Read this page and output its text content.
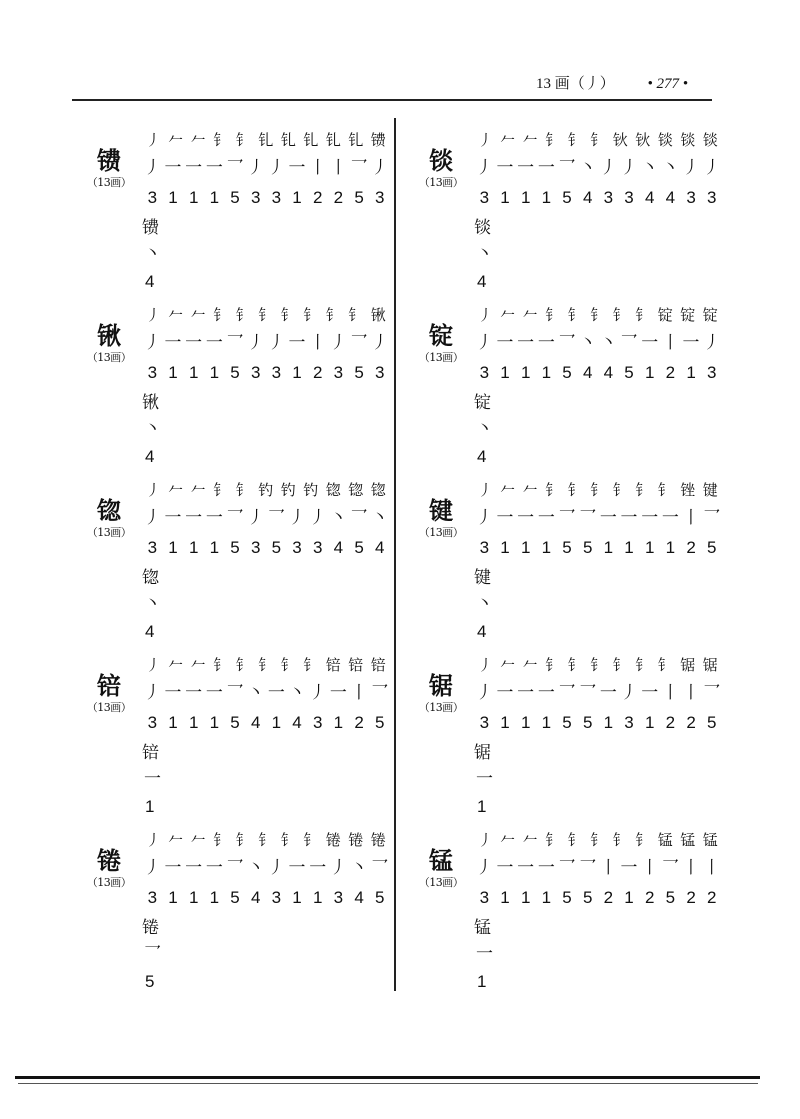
13 画（丿） • 277 •
镄
（13画）
丿 𠂉 𠂉 钅 钅 钆 钆 钆 钆 钆 镄
丿 一 一 一 乛 丿 丿 一 丨 丨 乛 丿
3 1 1 1 5 3 3 1 2 2 5 3
镄
丶
4
锹
（13画）
丿 𠂉 𠂉 钅 钅 钅 钅 钅 钅 钅 锹
丿 一 一 一 乛 丿 丿 一 丨 丿 乛 丿
3 1 1 1 5 3 3 1 2 3 5 3
锹
丶
4
锪
（13画）
丿 𠂉 𠂉 钅 钅 钓 钓 钓 锪 锪 锪
丿 一 一 一 乛 丿 乛 丿 丿 丶 乛 丶
3 1 1 1 5 3 5 3 3 4 5 4
锪
丶
4
锫
（13画）
丿 𠂉 𠂉 钅 钅 钅 钅 钅 锫 锫 锫
丿 一 一 一 乛 丶 一 丶 丿 一 丨 乛
3 1 1 1 5 4 1 4 3 1 2 5
锫
一
1
锩
（13画）
丿 𠂉 𠂉 钅 钅 钅 钅 钅 锩 锩 锩
丿 一 一 一 乛 丶 丿 一 一 丿 丶 乛
3 1 1 1 5 4 3 1 1 3 4 5
锩
乛
5
锬
（13画）
丿 𠂉 𠂉 钅 钅 钅 钬 钬 锬 锬 锬
丿 一 一 一 乛 丶 丿 丿 丶 丶 丿 丿
3 1 1 1 5 4 3 3 4 4 3 3
锬
丶
4
锭
（13画）
丿 𠂉 𠂉 钅 钅 钅 钅 钅 锭 锭 锭
丿 一 一 一 乛 丶 丶 乛 一 丨 一 丿
3 1 1 1 5 4 4 5 1 2 1 3
锭
丶
4
键
（13画）
丿 𠂉 𠂉 钅 钅 钅 钅 钅 钅 锉 键
丿 一 一 一 乛 乛 一 一 一 一 丨 乛
3 1 1 1 5 5 1 1 1 1 2 5
键
丶
4
锯
（13画）
丿 𠂉 𠂉 钅 钅 钅 钅 钅 钅 锯 锯
丿 一 一 一 乛 乛 一 丿 一 丨 丨 乛
3 1 1 1 5 5 1 3 1 2 2 5
锯
一
1
锰
（13画）
丿 𠂉 𠂉 钅 钅 钅 钅 钅 锰 锰 锰
丿 一 一 一 乛 乛 丨 一 丨 乛 丨 丨
3 1 1 1 5 5 2 1 2 5 2 2
锰
一
1
